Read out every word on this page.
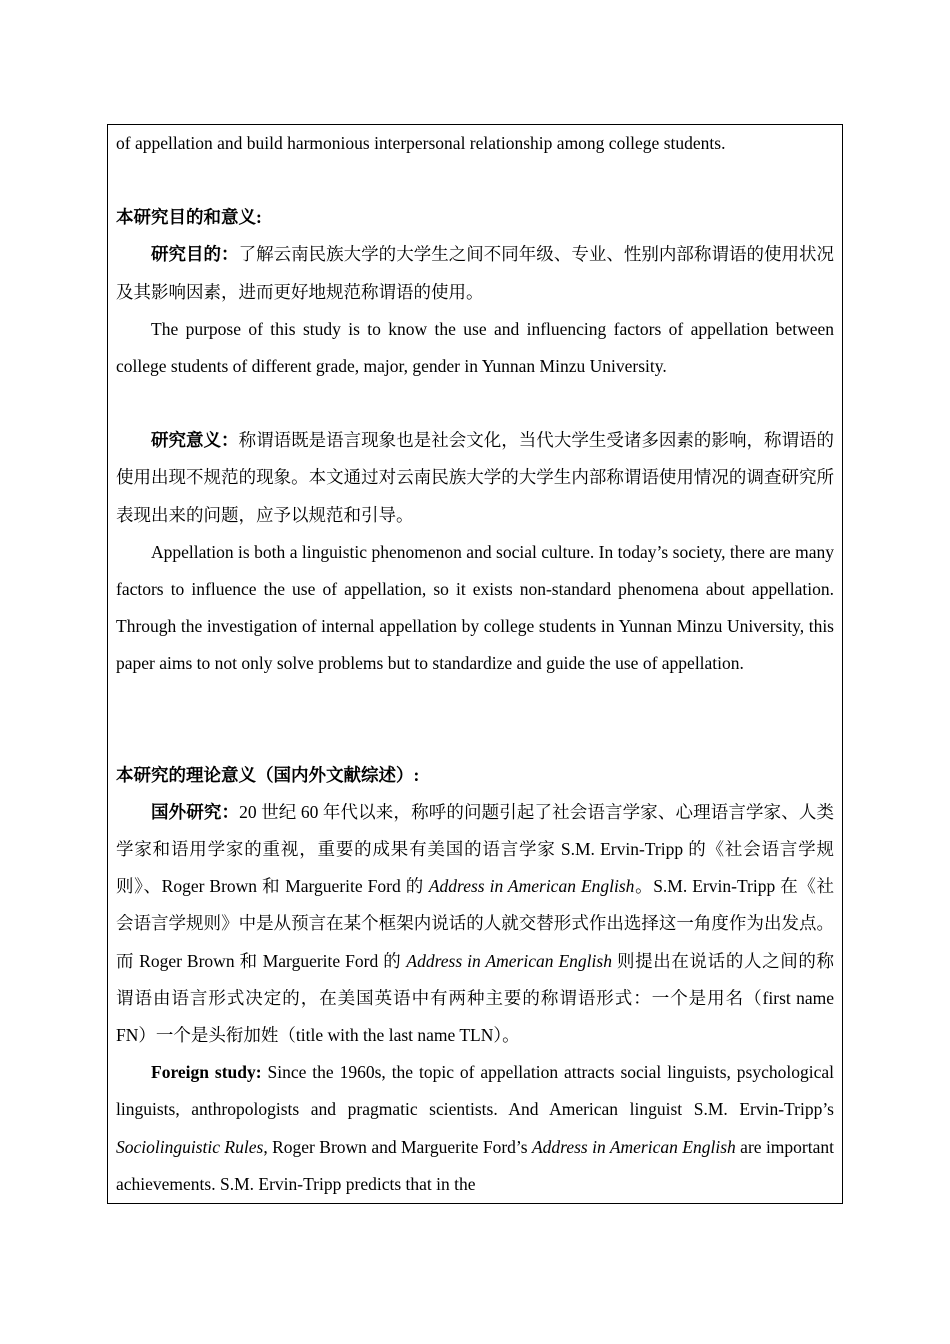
of appellation and build harmonious interpersonal relationship among college students.

本研究目的和意义:

研究目的：了解云南民族大学的大学生之间不同年级、专业、性别内部称谓语的使用状况及其影响因素，进而更好地规范称谓语的使用。

The purpose of this study is to know the use and influencing factors of appellation between college students of different grade, major, gender in Yunnan Minzu University.

研究意义：称谓语既是语言现象也是社会文化，当代大学生受诸多因素的影响，称谓语的使用出现不规范的现象。本文通过对云南民族大学的大学生内部称谓语使用情况的调查研究所表现出来的问题，应予以规范和引导。

Appellation is both a linguistic phenomenon and social culture. In today’s society, there are many factors to influence the use of appellation, so it exists non-standard phenomena about appellation. Through the investigation of internal appellation by college students in Yunnan Minzu University, this paper aims to not only solve problems but to standardize and guide the use of appellation.

本研究的理论意义（国内外文献综述）:

国外研究：20 世纪 60 年代以来，称呼的问题引起了社会语言学家、心理语言学家、人类学家和语用学家的重视，重要的成果有美国的语言学家 S.M. Ervin-Tripp 的《社会语言学规则》、Roger Brown 和 Marguerite Ford 的 Address in American English。S.M. Ervin-Tripp 在《社会语言学规则》中是从预言在某个框架内说话的人就交替形式作出选择这一角度作为出发点。而 Roger Brown 和 Marguerite Ford 的 Address in American English 则提出在说话的人之间的称谓语由语言形式决定的，在美国英语中有两种主要的称谓语形式：一个是用名（first name FN）一个是头衔加姓（title with the last name TLN）。

Foreign study: Since the 1960s, the topic of appellation attracts social linguists, psychological linguists, anthropologists and pragmatic scientists. And American linguist S.M. Ervin-Tripp’s Sociolinguistic Rules, Roger Brown and Marguerite Ford’s Address in American English are important achievements. S.M. Ervin-Tripp predicts that in the
